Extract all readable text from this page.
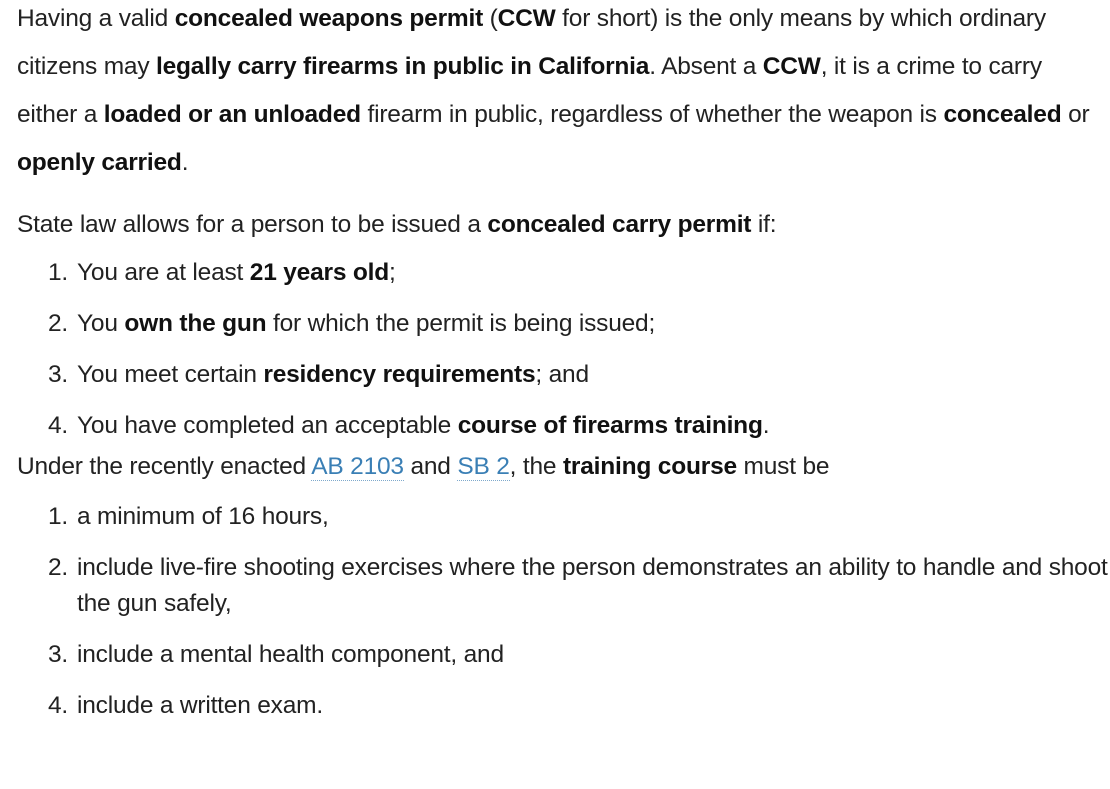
Having a valid concealed weapons permit (CCW for short) is the only means by which ordinary citizens may legally carry firearms in public in California. Absent a CCW, it is a crime to carry either a loaded or an unloaded firearm in public, regardless of whether the weapon is concealed or openly carried.

State law allows for a person to be issued a concealed carry permit if:

1. You are at least 21 years old;
2. You own the gun for which the permit is being issued;
3. You meet certain residency requirements; and
4. You have completed an acceptable course of firearms training.

Under the recently enacted AB 2103 and SB 2, the training course must be

1. a minimum of 16 hours,
2. include live-fire shooting exercises where the person demonstrates an ability to handle and shoot the gun safely,
3. include a mental health component, and
4. include a written exam.
